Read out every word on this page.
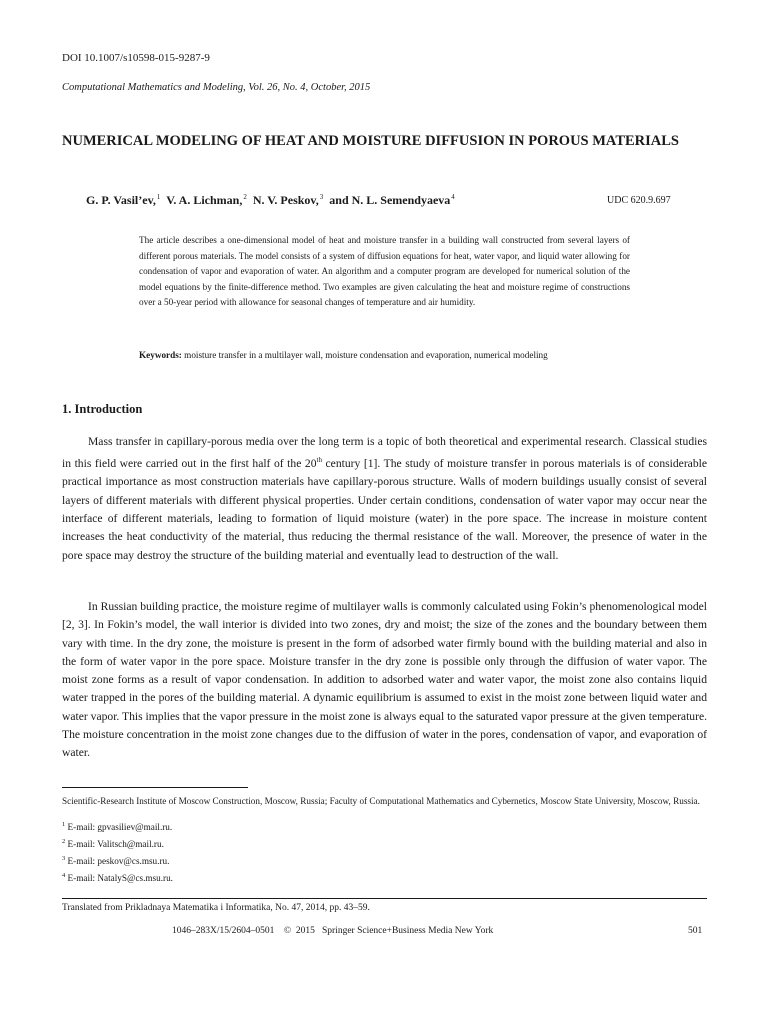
DOI 10.1007/s10598-015-9287-9
Computational Mathematics and Modeling, Vol. 26, No. 4, October, 2015
NUMERICAL MODELING OF HEAT AND MOISTURE DIFFUSION IN POROUS MATERIALS
G. P. Vasil’ev,$^1$ V. A. Lichman,$^2$ N. V. Peskov,$^3$ and N. L. Semendyaeva$^4$	UDC 620.9.697

The article describes a one-dimensional model of heat and moisture transfer in a building wall constructed from several layers of different porous materials. The model consists of a system of diffusion equations for heat, water vapor, and liquid water allowing for condensation of vapor and evaporation of water. An algorithm and a computer program are developed for numerical solution of the model equations by the finite-difference method. Two examples are given calculating the heat and moisture regime of constructions over a 50-year period with allowance for seasonal changes of temperature and air humidity.

Keywords: moisture transfer in a multilayer wall, moisture condensation and evaporation, numerical modeling

1. Introduction

Mass transfer in capillary-porous media over the long term is a topic of both theoretical and experimental research. Classical studies in this field were carried out in the first half of the 20th century [1]. The study of moisture transfer in porous materials is of considerable practical importance as most construction materials have capillary-porous structure. Walls of modern buildings usually consist of several layers of different materials with different physical properties. Under certain conditions, condensation of water vapor may occur near the interface of different materials, leading to formation of liquid moisture (water) in the pore space. The increase in moisture content increases the heat conductivity of the material, thus reducing the thermal resistance of the wall. Moreover, the presence of water in the pore space may destroy the structure of the building material and eventually lead to destruction of the wall.

In Russian building practice, the moisture regime of multilayer walls is commonly calculated using Fokin’s phenomenological model [2, 3]. In Fokin’s model, the wall interior is divided into two zones, dry and moist; the size of the zones and the boundary between them vary with time. In the dry zone, the moisture is present in the form of adsorbed water firmly bound with the building material and also in the form of water vapor in the pore space. Moisture transfer in the dry zone is possible only through the diffusion of water vapor. The moist zone forms as a result of vapor condensation. In addition to adsorbed water and water vapor, the moist zone also contains liquid water trapped in the pores of the building material. A dynamic equilibrium is assumed to exist in the moist zone between liquid water and water vapor. This implies that the vapor pressure in the moist zone is always equal to the saturated vapor pressure at the given temperature. The moisture concentration in the moist zone changes due to the diffusion of water in the pores, condensation of vapor, and evaporation of water.

Scientific-Research Institute of Moscow Construction, Moscow, Russia; Faculty of Computational Mathematics and Cybernetics, Moscow State University, Moscow, Russia.
$^1$ E-mail: gpvasiliev@mail.ru.
$^2$ E-mail: Valitsch@mail.ru.
$^3$ E-mail: peskov@cs.msu.ru.
$^4$ E-mail: NatalyS@cs.msu.ru.
Translated from Prikladnaya Matematika i Informatika, No. 47, 2014, pp. 43–59.
1046–283X/15/2604–0501    ©  2015   Springer Science+Business Media New York	501
